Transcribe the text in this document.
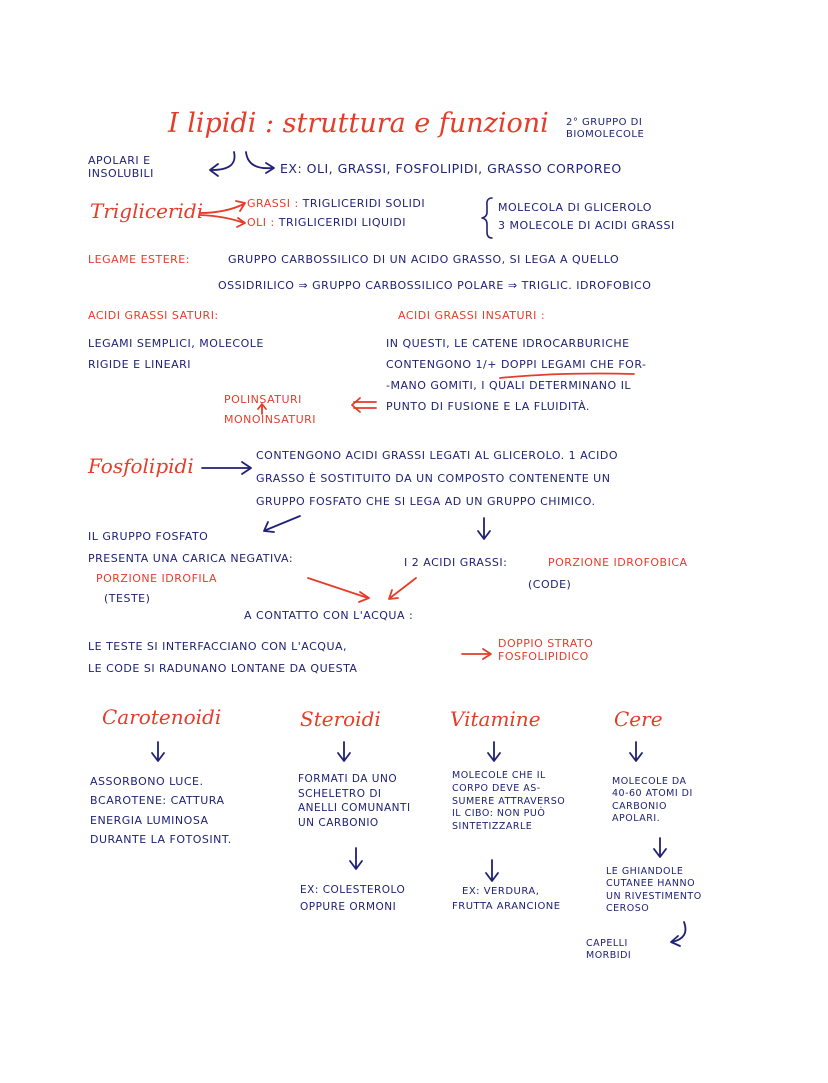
I lipidi : struttura e funzioni 2° GRUPPO DI
BIOMOLECOLE
APOLARI E
INSOLUBILI	EX: OLI, GRASSI, FOSFOLIPIDI, GRASSO CORPOREO
Trigliceridi	GRASSI : TRIGLICERIDI SOLIDI
OLI : TRIGLICERIDI LIQUIDI
MOLECOLA DI GLICEROLO
3 MOLECOLE DI ACIDI GRASSI
LEGAME ESTERE:	GRUPPO CARBOSSILICO DI UN ACIDO GRASSO, SI LEGA A QUELLO
OSSIDRILICO ⇒ GRUPPO CARBOSSILICO POLARE ⇒ TRIGLIC. IDROFOBICO
ACIDI GRASSI SATURI:
LEGAMI SEMPLICI, MOLECOLE
RIGIDE E LINEARI
ACIDI GRASSI INSATURI :
IN QUESTI, LE CATENE IDROCARBURICHE
CONTENGONO 1/+ DOPPI LEGAMI CHE FOR-
-MANO GOMITI, I QUALI DETERMINANO IL
PUNTO DI FUSIONE E LA FLUIDITÀ.
POLINSATURI
MONOINSATURI
Fosfolipidi	CONTENGONO ACIDI GRASSI LEGATI AL GLICEROLO. 1 ACIDO
GRASSO È SOSTITUITO DA UN COMPOSTO CONTENENTE UN
GRUPPO FOSFATO CHE SI LEGA AD UN GRUPPO CHIMICO.
IL GRUPPO FOSFATO
PRESENTA UNA CARICA NEGATIVA:
PORZIONE IDROFILA
(TESTE)
I 2 ACIDI GRASSI:	PORZIONE IDROFOBICA
(CODE)
A CONTATTO CON L'ACQUA :
LE TESTE SI INTERFACCIANO CON L'ACQUA,
LE CODE SI RADUNANO LONTANE DA QUESTA
DOPPIO STRATO
FOSFOLIPIDICO
Carotenoidi
ASSORBONO LUCE.
ΒCAROTENE: CATTURA
ENERGIA LUMINOSA
DURANTE LA FOTOSINT.
Steroidi
FORMATI DA UNO
SCHELETRO DI
ANELLI COMUNANTI
UN CARBONIO
EX: COLESTEROLO
OPPURE ORMONI
Vitamine
MOLECOLE CHE IL
CORPO DEVE AS-
SUMERE ATTRAVERSO
IL CIBO: NON PUÒ
SINTETIZZARLE
EX: VERDURA,
FRUTTA ARANCIONE
Cere
MOLECOLE DA
40-60 ATOMI DI
CARBONIO
APOLARI.
LE GHIANDOLE
CUTANEE HANNO
UN RIVESTIMENTO
CEROSO
CAPELLI
MORBIDI
